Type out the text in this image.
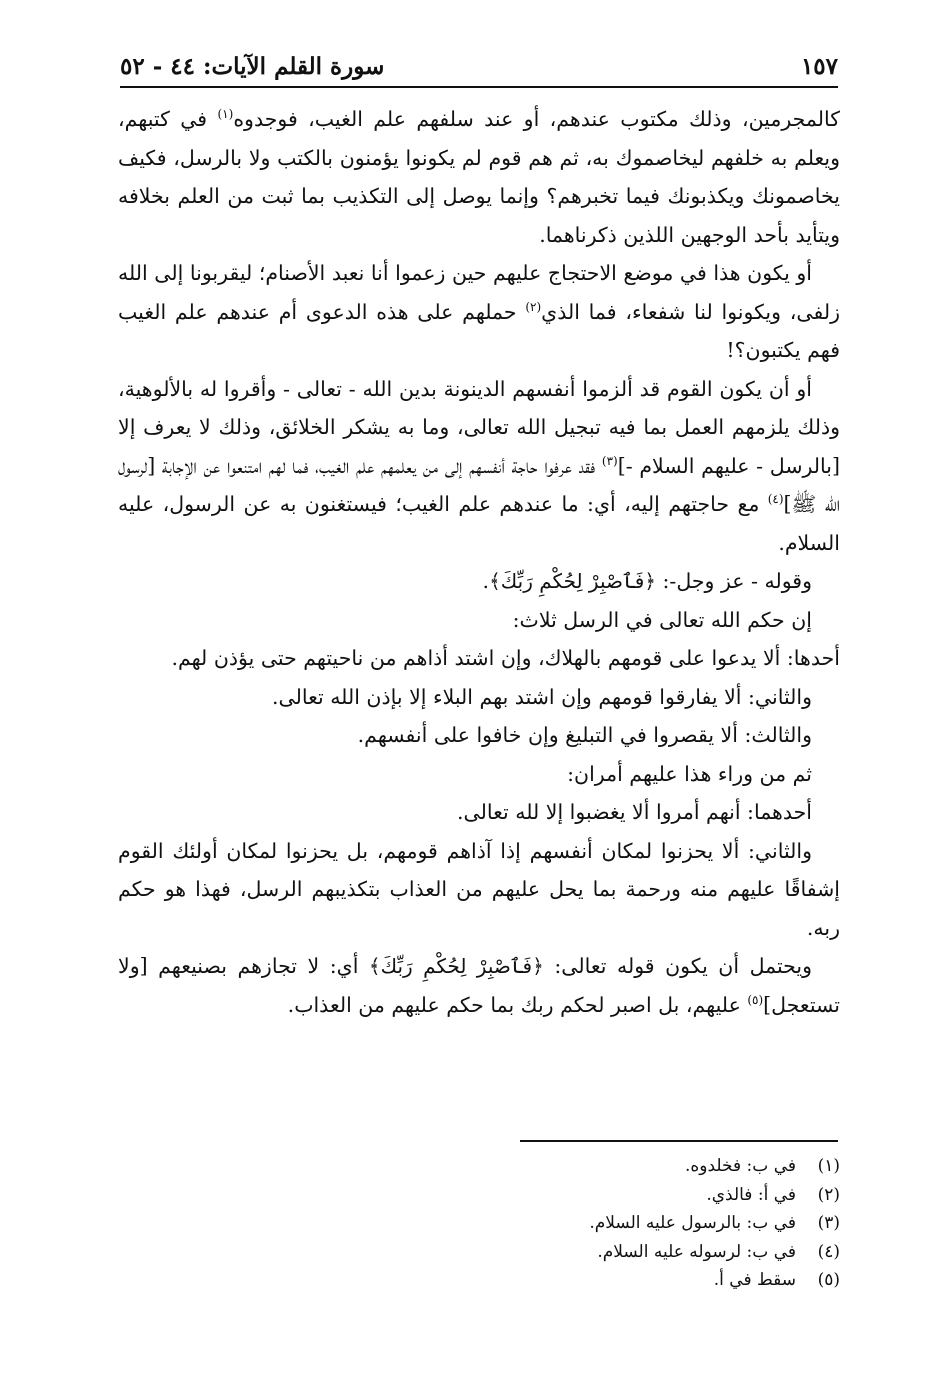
سورة القلم الآيات: ٤٤ - ٥٢	١٥٧

كالمجرمين، وذلك مكتوب عندهم، أو عند سلفهم علم الغيب، فوجدوه$^{(١)}$ في كتبهم، ويعلم به خلفهم ليخاصموك به، ثم هم قوم لم يكونوا يؤمنون بالكتب ولا بالرسل، فكيف يخاصمونك ويكذبونك فيما تخبرهم؟ وإنما يوصل إلى التكذيب بما ثبت من العلم بخلافه ويتأيد بأحد الوجهين اللذين ذكرناهما.

أو يكون هذا في موضع الاحتجاج عليهم حين زعموا أنا نعبد الأصنام؛ ليقربونا إلى الله زلفى، ويكونوا لنا شفعاء، فما الذي$^{(٢)}$ حملهم على هذه الدعوى أم عندهم علم الغيب فهم يكتبون؟!

أو أن يكون القوم قد ألزموا أنفسهم الدينونة بدين الله - تعالى - وأقروا له بالألوهية، وذلك يلزمهم العمل بما فيه تبجيل الله تعالى، وما به يشكر الخلائق، وذلك لا يعرف إلا [بالرسل - عليهم السلام -]$^{(٣)}$ فقد عرفوا حاجة أنفسهم إلى من يعلمهم علم الغيب، فما لهم امتنعوا عن الإجابة [لرسول الله ﷺ]$^{(٤)}$ مع حاجتهم إليه، أي: ما عندهم علم الغيب؛ فيستغنون به عن الرسول، عليه السلام.

وقوله - عز وجل-: ﴿فَٱصْبِرْ لِحُكْمِ رَبِّكَ﴾.

إن حكم الله تعالى في الرسل ثلاث:

أحدها: ألا يدعوا على قومهم بالهلاك، وإن اشتد أذاهم من ناحيتهم حتى يؤذن لهم.

والثاني: ألا يفارقوا قومهم وإن اشتد بهم البلاء إلا بإذن الله تعالى.

والثالث: ألا يقصروا في التبليغ وإن خافوا على أنفسهم.

ثم من وراء هذا عليهم أمران:

أحدهما: أنهم أمروا ألا يغضبوا إلا لله تعالى.

والثاني: ألا يحزنوا لمكان أنفسهم إذا آذاهم قومهم، بل يحزنوا لمكان أولئك القوم إشفاقًا عليهم منه ورحمة بما يحل عليهم من العذاب بتكذيبهم الرسل، فهذا هو حكم ربه.

ويحتمل أن يكون قوله تعالى: ﴿فَٱصْبِرْ لِحُكْمِ رَبِّكَ﴾ أي: لا تجازهم بصنيعهم [ولا تستعجل]$^{(٥)}$ عليهم، بل اصبر لحكم ربك بما حكم عليهم من العذاب.

(١)
في ب: فخلدوه.
(٢)
في أ: فالذي.
(٣)
في ب: بالرسول عليه السلام.
(٤)
في ب: لرسوله عليه السلام.
(٥)
سقط في أ.
